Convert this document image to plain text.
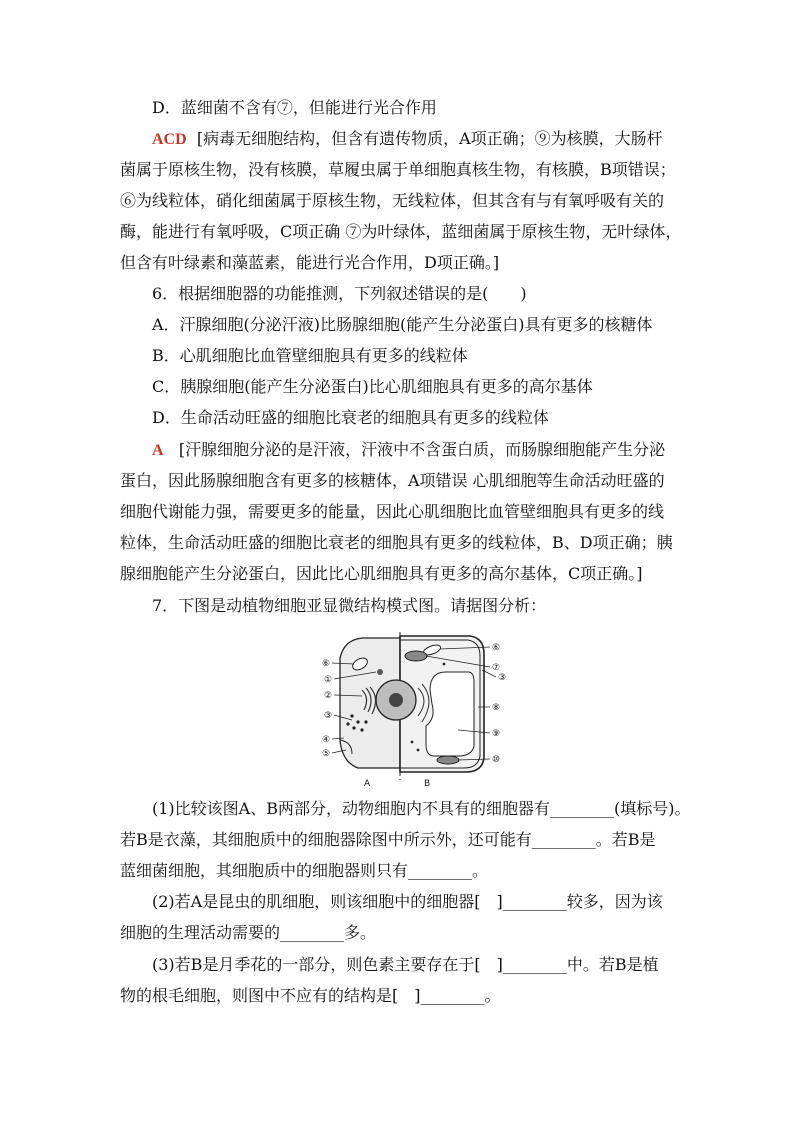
D．蓝细菌不含有⑦，但能进行光合作用
ACD [病毒无细胞结构，但含有遗传物质，A项正确；⑨为核膜，大肠杆
菌属于原核生物，没有核膜，草履虫属于单细胞真核生物，有核膜，B项错误；
⑥为线粒体，硝化细菌属于原核生物，无线粒体，但其含有与有氧呼吸有关的
酶，能进行有氧呼吸，C项正确 ⑦为叶绿体，蓝细菌属于原核生物，无叶绿体，
但含有叶绿素和藻蓝素，能进行光合作用，D项正确。]
6．根据细胞器的功能推测，下列叙述错误的是(　　)
A．汗腺细胞(分泌汗液)比肠腺细胞(能产生分泌蛋白)具有更多的核糖体
B．心肌细胞比血管壁细胞具有更多的线粒体
C．胰腺细胞(能产生分泌蛋白)比心肌细胞具有更多的高尔基体
D．生命活动旺盛的细胞比衰老的细胞具有更多的线粒体
A [汗腺细胞分泌的是汗液，汗液中不含蛋白质，而肠腺细胞能产生分泌
蛋白，因此肠腺细胞含有更多的核糖体，A项错误 心肌细胞等生命活动旺盛的
细胞代谢能力强，需要更多的能量，因此心肌细胞比血管壁细胞具有更多的线
粒体，生命活动旺盛的细胞比衰老的细胞具有更多的线粒体，B、D项正确；胰
腺细胞能产生分泌蛋白，因此比心肌细胞具有更多的高尔基体，C项正确。]
7．下图是动植物细胞亚显微结构模式图。请据图分析：
⑥
①
②
③
④
⑤
⑥
⑦
③
⑧
⑨
⑩
A	B
(1)比较该图A、B两部分，动物细胞内不具有的细胞器有________(填标号)。
若B是衣藻，其细胞质中的细胞器除图中所示外，还可能有________。若B是
蓝细菌细胞，其细胞质中的细胞器则只有________。
(2)若A是昆虫的肌细胞，则该细胞中的细胞器[　]________较多，因为该
细胞的生理活动需要的________多。
(3)若B是月季花的一部分，则色素主要存在于[　]________中。若B是植
物的根毛细胞，则图中不应有的结构是[　]________。
